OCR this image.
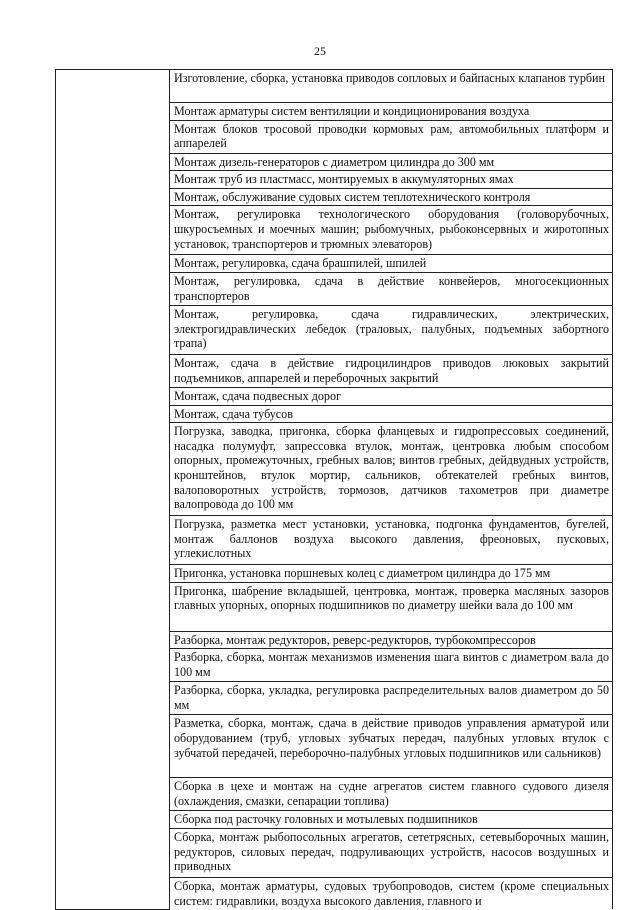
25

Изготовление, сборка, установка приводов сопловых и байпасных клапанов турбин

Монтаж арматуры систем вентиляции и кондиционирования воздуха

Монтаж блоков тросовой проводки кормовых рам, автомобильных платформ и аппарелей

Монтаж дизель-генераторов с диаметром цилиндра до 300 мм

Монтаж труб из пластмасс, монтируемых в аккумуляторных ямах

Монтаж, обслуживание судовых систем теплотехнического контроля

Монтаж, регулировка технологического оборудования (головорубочных, шкуросъемных и моечных машин; рыбомучных, рыбоконсервных и жиротопных установок, транспортеров и трюмных элеваторов)

Монтаж, регулировка, сдача брашпилей, шпилей

Монтаж, регулировка, сдача в действие конвейеров, многосекционных транспортеров

Монтаж, регулировка, сдача гидравлических, электрических, электрогидравлических лебедок (траловых, палубных, подъемных забортного трапа)

Монтаж, сдача в действие гидроцилиндров приводов люковых закрытий подъемников, аппарелей и переборочных закрытий

Монтаж, сдача подвесных дорог

Монтаж, сдача тубусов

Погрузка, заводка, пригонка, сборка фланцевых и гидропрессовых соединений, насадка полумуфт, запрессовка втулок, монтаж, центровка любым способом опорных, промежуточных, гребных валов; винтов гребных, дейдвудных устройств, кронштейнов, втулок мортир, сальников, обтекателей гребных винтов, валоповоротных устройств, тормозов, датчиков тахометров при диаметре валопровода до 100 мм

Погрузка, разметка мест установки, установка, подгонка фундаментов, бугелей, монтаж баллонов воздуха высокого давления, фреоновых, пусковых, углекислотных

Пригонка, установка поршневых колец с диаметром цилиндра до 175 мм

Пригонка, шабрение вкладышей, центровка, монтаж, проверка масляных зазоров главных упорных, опорных подшипников по диаметру шейки вала до 100 мм

Разборка, монтаж редукторов, реверс-редукторов, турбокомпрессоров

Разборка, сборка, монтаж механизмов изменения шага винтов с диаметром вала до 100 мм

Разборка, сборка, укладка, регулировка распределительных валов диаметром до 50 мм

Разметка, сборка, монтаж, сдача в действие приводов управления арматурой или оборудованием (труб, угловых зубчатых передач, палубных угловых втулок с зубчатой передачей, переборочно-палубных угловых подшипников или сальников)

Сборка в цехе и монтаж на судне агрегатов систем главного судового дизеля (охлаждения, смазки, сепарации топлива)

Сборка под расточку головных и мотылевых подшипников

Сборка, монтаж рыбопосольных агрегатов, сететрясных, сетевыборочных машин, редукторов, силовых передач, подруливающих устройств, насосов воздушных и приводных

Сборка, монтаж арматуры, судовых трубопроводов, систем (кроме специальных систем: гидравлики, воздуха высокого давления, главного и
